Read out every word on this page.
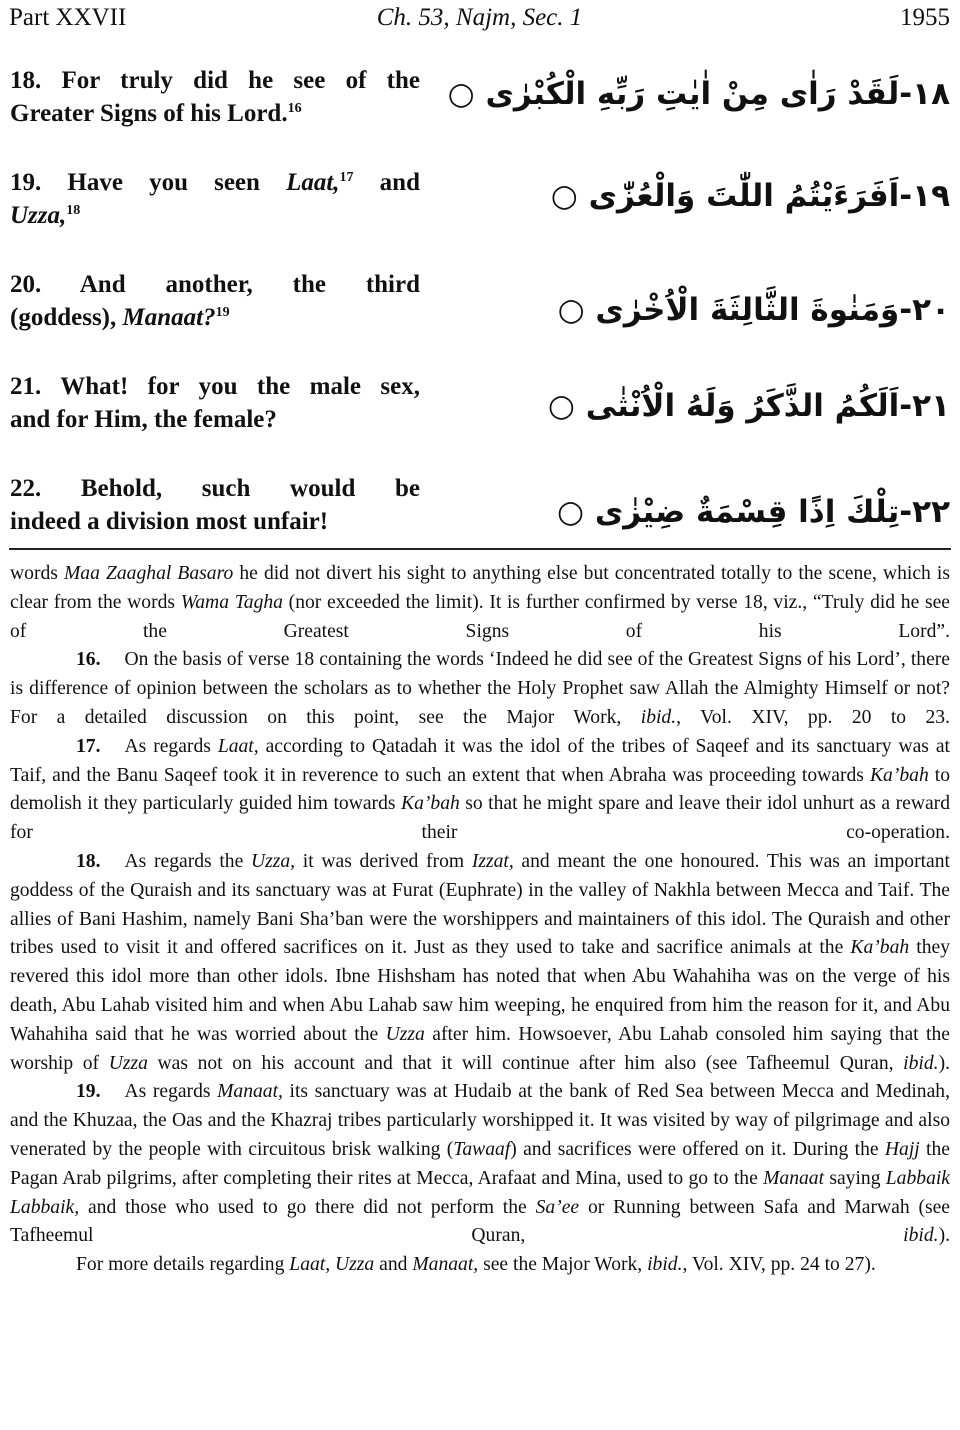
Part XXVII	Ch. 53, Najm, Sec. 1	1955
18. For truly did he see of the
Greater Signs of his Lord.$^{16}$	١٨-لَقَدْ رَاٰى مِنْ اٰيٰتِ رَبِّهِ الْكُبْرٰى ○
19. Have you seen Laat,$^{17}$ and
Uzza,$^{18}$	١٩-اَفَرَءَيْتُمُ اللّٰتَ وَالْعُزّٰى ○
20. And another, the third
(goddess), Manaat?$^{19}$	٢٠-وَمَنٰوةَ الثَّالِثَةَ الْاُخْرٰى ○
21. What! for you the male sex,
and for Him, the female?	٢١-اَلَكُمُ الذَّكَرُ وَلَهُ الْاُنْثٰى ○
22. Behold, such would be
indeed a division most unfair!	٢٢-تِلْكَ اِذًا قِسْمَةٌ ضِيْزٰى ○

words Maa Zaaghal Basaro he did not divert his sight to anything else but concentrated totally to the scene, which is clear from the words Wama Tagha (nor exceeded the limit). It is further confirmed by verse 18, viz., “Truly did he see of the Greatest Signs of his Lord”.

16. On the basis of verse 18 containing the words ‘Indeed he did see of the Greatest Signs of his Lord’, there is difference of opinion between the scholars as to whether the Holy Prophet saw Allah the Almighty Himself or not? For a detailed discussion on this point, see the Major Work, ibid., Vol. XIV, pp. 20 to 23.

17. As regards Laat, according to Qatadah it was the idol of the tribes of Saqeef and its sanctuary was at Taif, and the Banu Saqeef took it in reverence to such an extent that when Abraha was proceeding towards Ka’bah to demolish it they particularly guided him towards Ka’bah so that he might spare and leave their idol unhurt as a reward for their co-operation.

18. As regards the Uzza, it was derived from Izzat, and meant the one honoured. This was an important goddess of the Quraish and its sanctuary was at Furat (Euphrate) in the valley of Nakhla between Mecca and Taif. The allies of Bani Hashim, namely Bani Sha’ban were the worshippers and maintainers of this idol. The Quraish and other tribes used to visit it and offered sacrifices on it. Just as they used to take and sacrifice animals at the Ka’bah they revered this idol more than other idols. Ibne Hishsham has noted that when Abu Wahahiha was on the verge of his death, Abu Lahab visited him and when Abu Lahab saw him weeping, he enquired from him the reason for it, and Abu Wahahiha said that he was worried about the Uzza after him. Howsoever, Abu Lahab consoled him saying that the worship of Uzza was not on his account and that it will continue after him also (see Tafheemul Quran, ibid.).

19. As regards Manaat, its sanctuary was at Hudaib at the bank of Red Sea between Mecca and Medinah, and the Khuzaa, the Oas and the Khazraj tribes particularly worshipped it. It was visited by way of pilgrimage and also venerated by the people with circuitous brisk walking (Tawaaf) and sacrifices were offered on it. During the Hajj the Pagan Arab pilgrims, after completing their rites at Mecca, Arafaat and Mina, used to go to the Manaat saying Labbaik Labbaik, and those who used to go there did not perform the Sa’ee or Running between Safa and Marwah (see Tafheemul Quran, ibid.).

For more details regarding Laat, Uzza and Manaat, see the Major Work, ibid., Vol. XIV, pp. 24 to 27).
